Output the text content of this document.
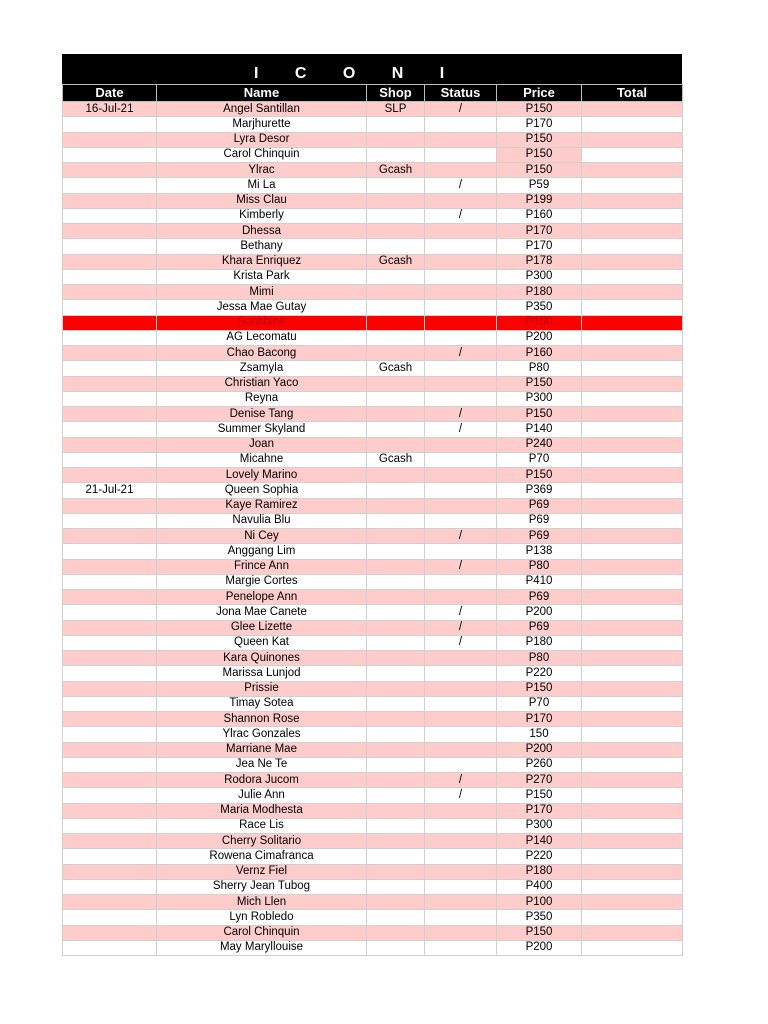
I C O N I
Date	Name	Shop	Status	Price	Total
16-Jul-21	Angel Santillan	SLP	/	P150	
	Marjhurette			P170	
	Lyra Desor			P150	
	Carol Chinquin			P150	
	Ylrac	Gcash		P150	
	Mi La		/	P59	
	Miss Clau			P199	
	Kimberly		/	P160	
	Dhessa			P170	
	Bethany			P170	
	Khara Enriquez	Gcash		P178	
	Krista Park			P300	
	Mimi			P180	
	Jessa Mae Gutay			P350	
	Sunshine			P100	
	AG Lecomatu			P200	
	Chao Bacong		/	P160	
	Zsamyla	Gcash		P80	
	Christian Yaco			P150	
	Reyna			P300	
	Denise Tang		/	P150	
	Summer Skyland		/	P140	
	Joan			P240	
	Micahne	Gcash		P70	
	Lovely Marino			P150	
21-Jul-21	Queen Sophia			P369	
	Kaye Ramirez			P69	
	Navulia Blu			P69	
	Ni Cey		/	P69	
	Anggang Lim			P138	
	Frince Ann		/	P80	
	Margie Cortes			P410	
	Penelope Ann			P69	
	Jona Mae Canete		/	P200	
	Glee Lizette		/	P69	
	Queen Kat		/	P180	
	Kara Quinones			P80	
	Marissa Lunjod			P220	
	Prissie			P150	
	Timay Sotea			P70	
	Shannon Rose			P170	
	Ylrac Gonzales			150	
	Marriane Mae			P200	
	Jea Ne Te			P260	
	Rodora Jucom		/	P270	
	Julie Ann		/	P150	
	Maria Modhesta			P170	
	Race Lis			P300	
	Cherry Solitario			P140	
	Rowena Cimafranca			P220	
	Vernz Fiel			P180	
	Sherry Jean Tubog			P400	
	Mich Llen			P100	
	Lyn Robledo			P350	
	Carol Chinquin			P150	
	May Maryllouise			P200	
